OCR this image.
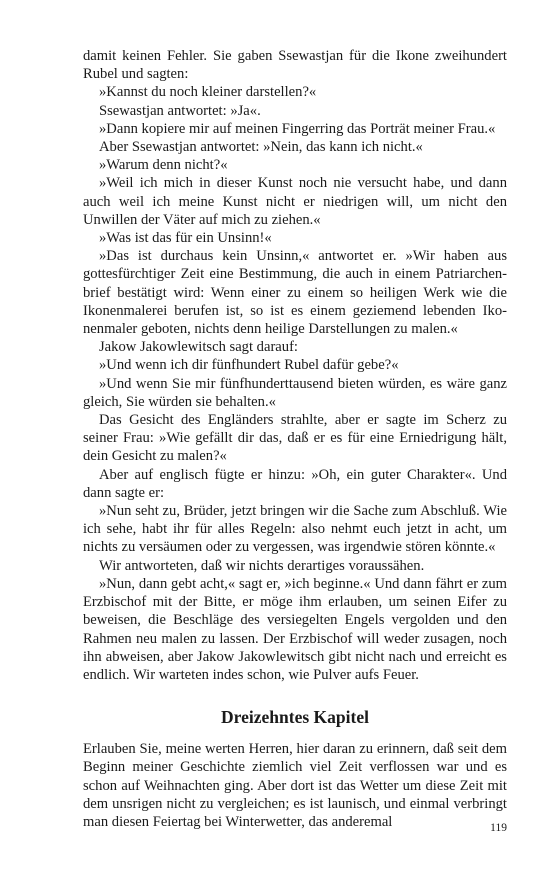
damit keinen Fehler. Sie gaben Ssewastjan für die Ikone zweihundert Rubel und sagten:

»Kannst du noch kleiner darstellen?«

Ssewastjan antwortet: »Ja«.

»Dann kopiere mir auf meinen Fingerring das Porträt meiner Frau.«

Aber Ssewastjan antwortet: »Nein, das kann ich nicht.«

»Warum denn nicht?«

»Weil ich mich in dieser Kunst noch nie versucht habe, und dann auch weil ich meine Kunst nicht er niedrigen will, um nicht den Unwillen der Väter auf mich zu ziehen.«

»Was ist das für ein Unsinn!«

»Das ist durchaus kein Unsinn,« antwortet er. »Wir haben aus gottesfürchtiger Zeit eine Bestimmung, die auch in einem Patriarchenbrief bestätigt wird: Wenn einer zu einem so heiligen Werk wie die Ikonenmalerei berufen ist, so ist es einem geziemend lebenden Ikonenmaler geboten, nichts denn heilige Darstellungen zu malen.«

Jakow Jakowlewitsch sagt darauf:

»Und wenn ich dir fünfhundert Rubel dafür gebe?«

»Und wenn Sie mir fünfhunderttausend bieten würden, es wäre ganz gleich, Sie würden sie behalten.«

Das Gesicht des Engländers strahlte, aber er sagte im Scherz zu seiner Frau: »Wie gefällt dir das, daß er es für eine Erniedrigung hält, dein Gesicht zu malen?«

Aber auf englisch fügte er hinzu: »Oh, ein guter Charakter«. Und dann sagte er:

»Nun seht zu, Brüder, jetzt bringen wir die Sache zum Abschluß. Wie ich sehe, habt ihr für alles Regeln: also nehmt euch jetzt in acht, um nichts zu versäumen oder zu vergessen, was irgendwie stören könnte.«

Wir antworteten, daß wir nichts derartiges voraussähen.

»Nun, dann gebt acht,« sagt er, »ich beginne.« Und dann fährt er zum Erzbischof mit der Bitte, er möge ihm erlauben, um seinen Eifer zu beweisen, die Beschläge des versiegelten Engels vergolden und den Rahmen neu malen zu lassen. Der Erzbischof will weder zusagen, noch ihn abweisen, aber Jakow Jakowlewitsch gibt nicht nach und erreicht es endlich. Wir warteten indes schon, wie Pulver aufs Feuer.

Dreizehntes Kapitel

Erlauben Sie, meine werten Herren, hier daran zu erinnern, daß seit dem Beginn meiner Geschichte ziemlich viel Zeit verflossen war und es schon auf Weihnachten ging. Aber dort ist das Wetter um diese Zeit mit dem unsrigen nicht zu vergleichen; es ist launisch, und einmal verbringt man diesen Feiertag bei Winterwetter, das anderemal	119
